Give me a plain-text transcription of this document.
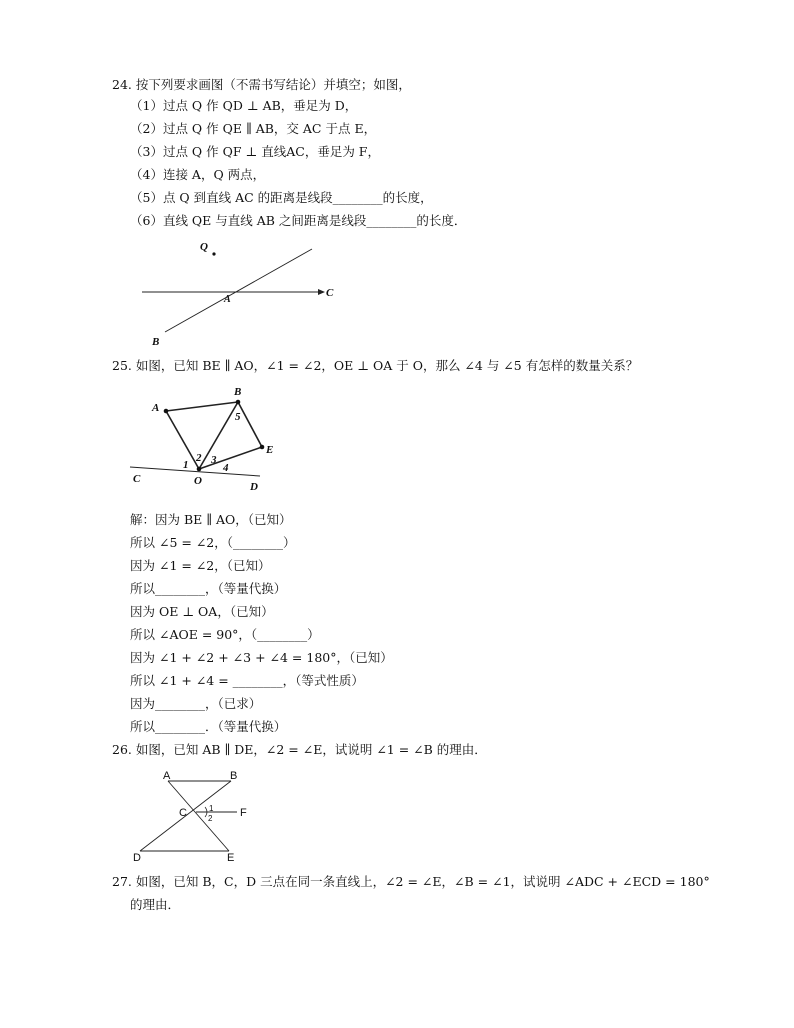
24. 按下列要求画图（不需书写结论）并填空；如图，
（1）过点 Q 作 QD ⊥ AB，垂足为 D，
（2）过点 Q 作 QE ∥ AB，交 AC 于点 E，
（3）过点 Q 作 QF ⊥ 直线AC，垂足为 F，
（4）连接 A，Q 两点，
（5）点 Q 到直线 AC 的距离是线段________的长度，
（6）直线 QE 与直线 AB 之间距离是线段________的长度．
Q
A
B
C
25. 如图，已知 BE ∥ AO，∠1 = ∠2，OE ⊥ OA 于 O，那么 ∠4 与 ∠5 有怎样的数量关系？
A
B
E
O
C
D
1
2 3
4
5
解：因为 BE ∥ AO，（已知）
所以 ∠5 = ∠2，（________）
因为 ∠1 = ∠2，（已知）
所以________，（等量代换）
因为 OE ⊥ OA，（已知）
所以 ∠AOE = 90°，（________）
因为 ∠1 + ∠2 + ∠3 + ∠4 = 180°，（已知）
所以 ∠1 + ∠4 = ________，（等式性质）
因为________，（已求）
所以________．（等量代换）
26. 如图，已知 AB ∥ DE，∠2 = ∠E，试说明 ∠1 = ∠B 的理由．
A	B
C
D	E
F
1
2
27. 如图，已知 B，C，D 三点在同一条直线上，∠2 = ∠E，∠B = ∠1，试说明 ∠ADC + ∠ECD = 180°
的理由．
